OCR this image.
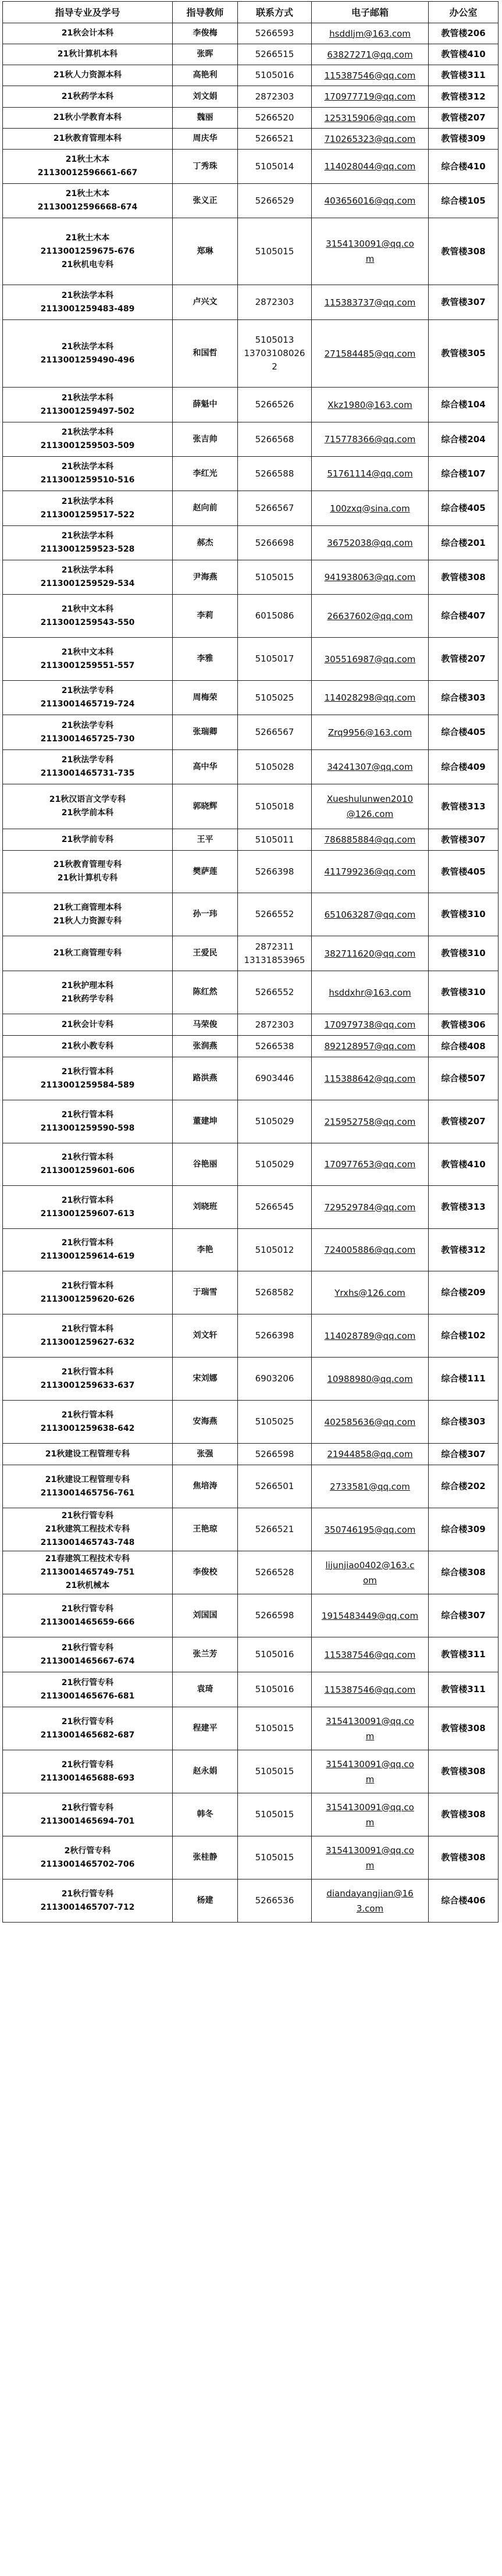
指导专业及学号	指导教师	联系方式	电子邮箱	办公室

21秋会计本科	李俊梅	5266593	hsddljm@163.com	教管楼206

21秋计算机本科	张晖	5266515	63827271@qq.com	教管楼410

21秋人力资源本科	高艳利	5105016	115387546@qq.com	教管楼311

21秋药学本科	刘文娟	2872303	170977719@qq.com	教管楼312

21秋小学教育本科	魏丽	5266520	125315906@qq.com	教管楼207

21秋教育管理本科	周庆华	5266521	710265323@qq.com	教管楼309

21秋土木本
21130012596661-667	丁秀珠	5105014	114028044@qq.com	综合楼410

21秋土木本
21130012596668-674	张义正	5266529	403656016@qq.com	综合楼105

21秋土木本
2113001259675-676
21秋机电专科	郑琳	5105015	3154130091@qq.co
m	教管楼308

21秋法学本科
2113001259483-489	卢兴文	2872303	115383737@qq.com	教管楼307

21秋法学本科
2113001259490-496	和国哲	5105013
13703108026
2	271584485@qq.com	教管楼305

21秋法学本科
2113001259497-502	薛魁中	5266526	Xkz1980@163.com	综合楼104

21秋法学本科
2113001259503-509	张吉帅	5266568	715778366@qq.com	综合楼204

21秋法学本科
2113001259510-516	李红光	5266588	51761114@qq.com	综合楼107

21秋法学本科
2113001259517-522	赵向前	5266567	100zxq@sina.com	综合楼405

21秋法学本科
2113001259523-528	郝杰	5266698	36752038@qq.com	综合楼201

21秋法学本科
2113001259529-534	尹海燕	5105015	941938063@qq.com	教管楼308

21秋中文本科
2113001259543-550	李莉	6015086	26637602@qq.com	综合楼407

21秋中文本科
2113001259551-557	李雅	5105017	305516987@qq.com	教管楼207

21秋法学专科
2113001465719-724	周梅荣	5105025	114028298@qq.com	综合楼303

21秋法学专科
2113001465725-730	张瑞卿	5266567	Zrq9956@163.com	综合楼405

21秋法学专科
2113001465731-735	高中华	5105028	34241307@qq.com	综合楼409

21秋汉语言文学专科
21秋学前本科	郭晓辉	5105018	Xueshulunwen2010
@126.com	教管楼313

21秋学前专科	王平	5105011	786885884@qq.com	教管楼307

21秋教育管理专科
21秋计算机专科	樊萨莲	5266398	411799236@qq.com	教管楼405

21秋工商管理本科
21秋人力资源专科	孙一玮	5266552	651063287@qq.com	教管楼310

21秋工商管理专科	王爱民	2872311
13131853965	382711620@qq.com	教管楼310

21秋护理本科
21秋药学专科	陈红然	5266552	hsddxhr@163.com	教管楼310

21秋会计专科	马荣俊	2872303	170979738@qq.com	教管楼306

21秋小教专科	张润燕	5266538	892128957@qq.com	综合楼408

21秋行管本科
2113001259584-589	路洪燕	6903446	115388642@qq.com	综合楼507

21秋行管本科
2113001259590-598	董建坤	5105029	215952758@qq.com	教管楼207

21秋行管本科
2113001259601-606	谷艳丽	5105029	170977653@qq.com	教管楼410

21秋行管本科
2113001259607-613	刘晓班	5266545	729529784@qq.com	教管楼313

21秋行管本科
2113001259614-619	李艳	5105012	724005886@qq.com	教管楼312

21秋行管本科
2113001259620-626	于瑞雪	5268582	Yrxhs@126.com	综合楼209

21秋行管本科
2113001259627-632	刘文轩	5266398	114028789@qq.com	综合楼102

21秋行管本科
2113001259633-637	宋刘娜	6903206	10988980@qq.com	综合楼111

21秋行管本科
2113001259638-642	安海燕	5105025	402585636@qq.com	综合楼303

21秋建设工程管理专科	张强	5266598	21944858@qq.com	综合楼307

21秋建设工程管理专科
2113001465756-761	焦培涛	5266501	2733581@qq.com	综合楼202

21秋行管专科
21秋建筑工程技术专科
2113001465743-748	王艳琼	5266521	350746195@qq.com	综合楼309

21春建筑工程技术专科
2113001465749-751
21秋机械本	李俊校	5266528	lijunjiao0402@163.c
om	综合楼308

21秋行管专科
2113001465659-666	刘国国	5266598	1915483449@qq.com	综合楼307

21秋行管专科
2113001465667-674	张兰芳	5105016	115387546@qq.com	教管楼311

21秋行管专科
2113001465676-681	袁琦	5105016	115387546@qq.com	教管楼311

21秋行管专科
2113001465682-687	程建平	5105015	3154130091@qq.co
m	教管楼308

21秋行管专科
2113001465688-693	赵永娟	5105015	3154130091@qq.co
m	教管楼308

21秋行管专科
2113001465694-701	韩冬	5105015	3154130091@qq.co
m	教管楼308

2秋行管专科
2113001465702-706	张桂静	5105015	3154130091@qq.co
m	教管楼308

21秋行管专科
2113001465707-712	杨建	5266536	diandayangjian@16
3.com	综合楼406
